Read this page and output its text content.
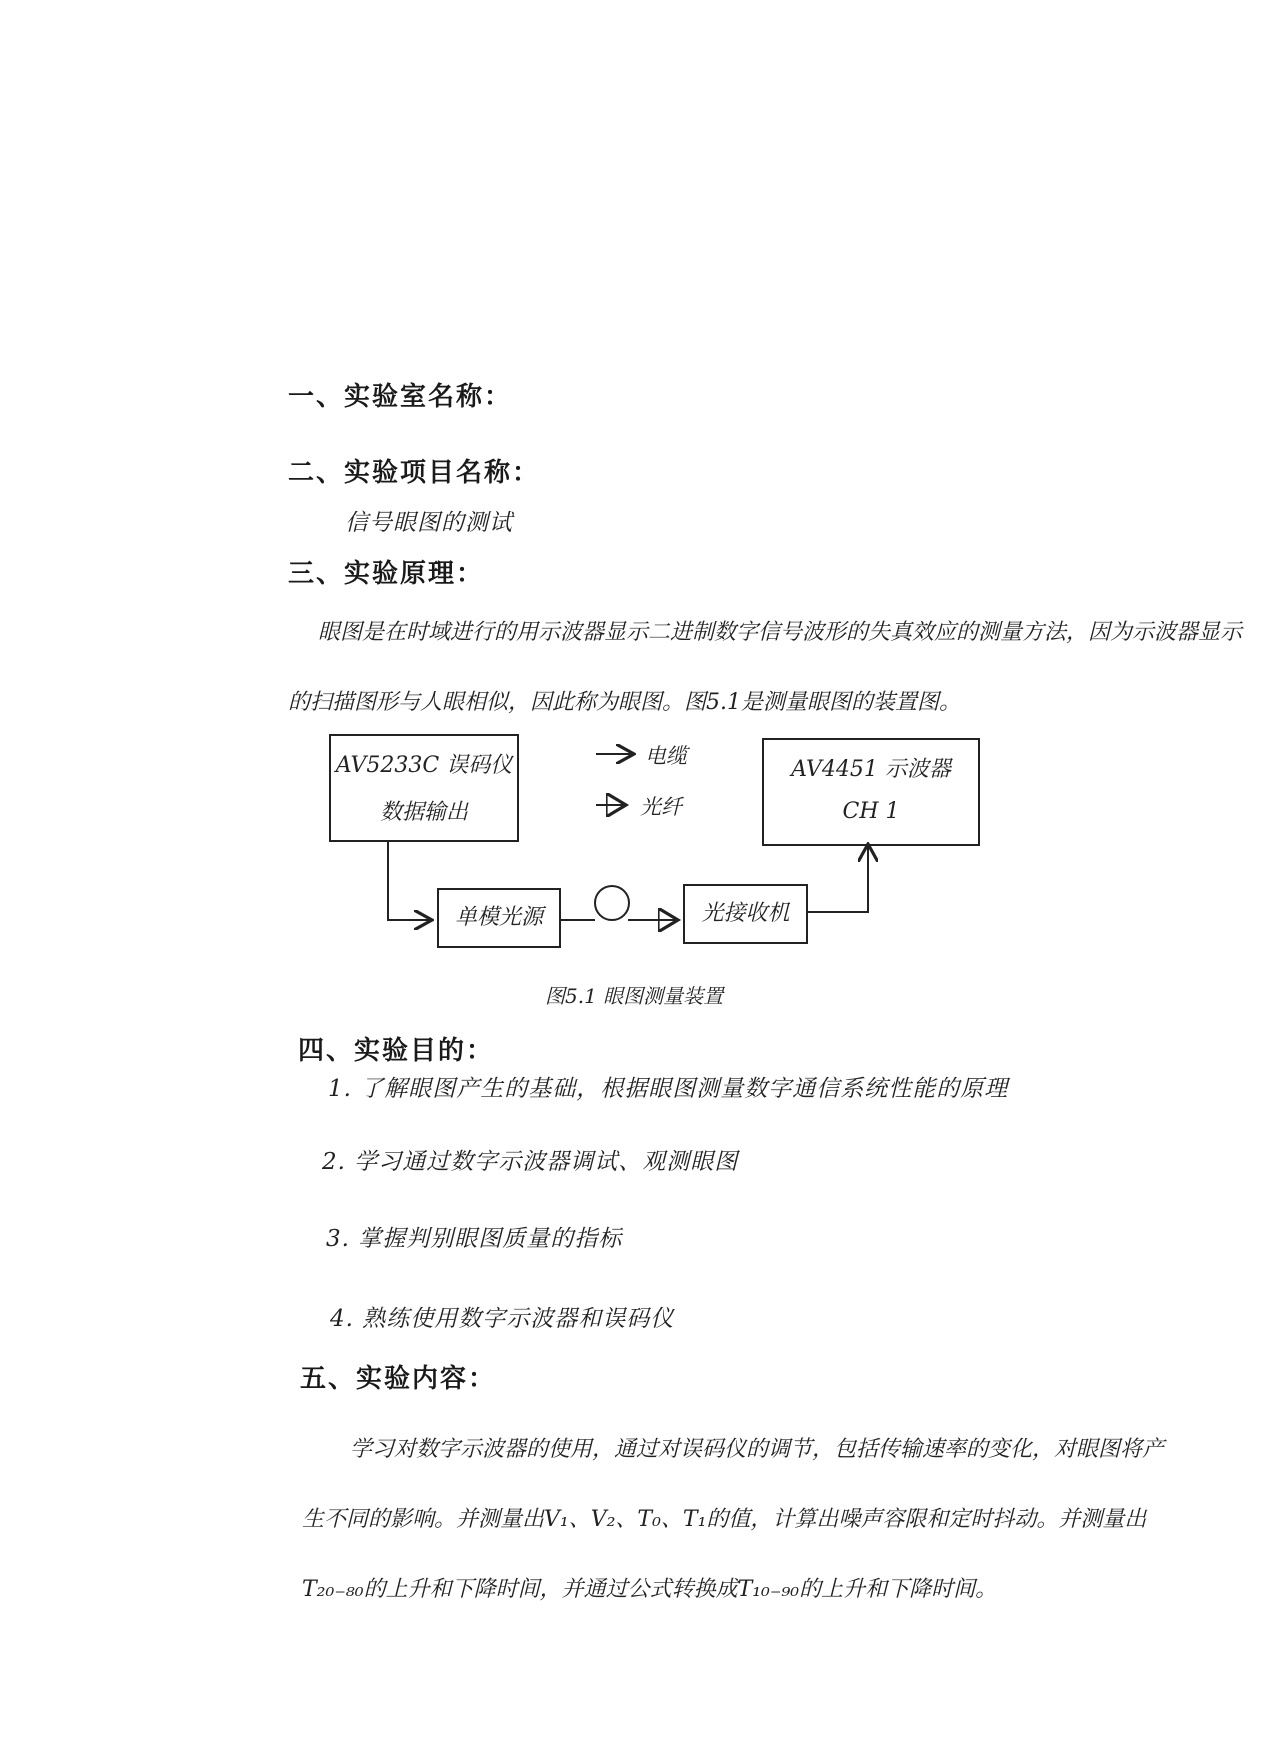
一、实验室名称：
二、实验项目名称：
信号眼图的测试
三、实验原理：
眼图是在时域进行的用示波器显示二进制数字信号波形的失真效应的测量方法，因为示波器显示
的扫描图形与人眼相似，因此称为眼图。图5.1是测量眼图的装置图。
AV5233C 误码仪
数据输出
电缆
光纤
AV4451 示波器
CH 1
单模光源	光接收机
图5.1 眼图测量装置
四、实验目的：
1. 了解眼图产生的基础，根据眼图测量数字通信系统性能的原理
2. 学习通过数字示波器调试、观测眼图
3. 掌握判别眼图质量的指标
4. 熟练使用数字示波器和误码仪
五、实验内容：
学习对数字示波器的使用，通过对误码仪的调节，包括传输速率的变化，对眼图将产
生不同的影响。并测量出V₁、V₂、T₀、T₁的值，计算出噪声容限和定时抖动。并测量出
T₂₀₋₈₀的上升和下降时间，并通过公式转换成T₁₀₋₉₀的上升和下降时间。
